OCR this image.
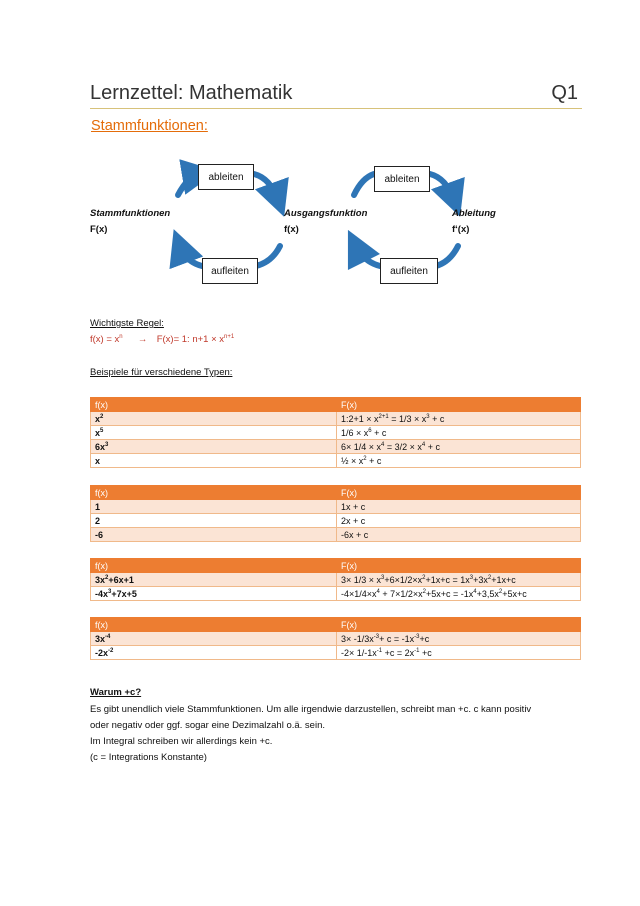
Lernzettel: Mathematik	Q1
Stammfunktionen:
ableiten
aufleiten
ableiten
aufleiten
Stammfunktionen
F(x)
Ausgangsfunktion
f(x)
Ableitung
f‘(x)
Wichtigste Regel:
$f(x) = x^n \to F(x)= 1$: $n+1 \times x^{n+1}$
Beispiele für verschiedene Typen:
f(x)	F(x)
$x^2$	1:2+1 × $x^{2+1} = 1/3 \times x^3 + c$
$x^5$	$1/6 \times x^6 + c$
$6x^3$	$6\times 1/4 \times x^4 = 3/2 \times x^4 + c$
x	½ × $x^2 + c$
f(x)	F(x)
1	1x + c
2	2x + c
-6	-6x + c
f(x)	F(x)
$3x^2+6x+1$	$3\times 1/3 \times x^3+6\times 1/2\times x^2+1x+c = 1x^3+3x^2+1x+c$
$-4x^3+7x+5$	$-4\times 1/4\times x^4 + 7\times 1/2\times x^2+5x+c = -1x^4+3,5x^2+5x+c$
f(x)	F(x)
$3x^{-4}$	$3\times -1/3x^{-3}+ c = -1x^{-3}+c$
$-2x^{-2}$	$-2\times 1/-1x^{-1} +c = 2x^{-1} +c$
Warum +c?
Es gibt unendlich viele Stammfunktionen. Um alle irgendwie darzustellen, schreibt man +c. c kann positiv
oder negativ oder ggf. sogar eine Dezimalzahl o.ä. sein.
Im Integral schreiben wir allerdings kein +c.
(c = Integrations Konstante)
